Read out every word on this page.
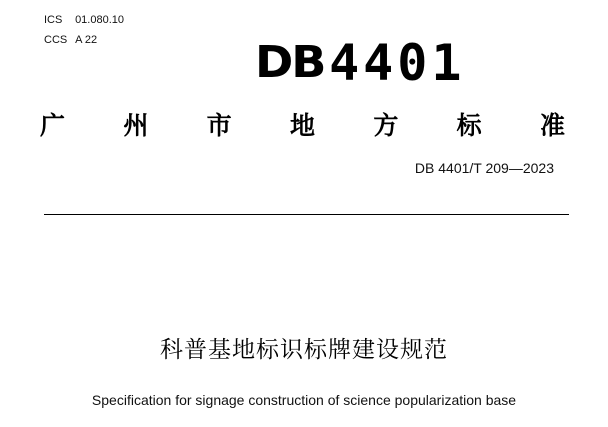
ICS 01.080.10
CCS A 22	DB4401
广 州 市 地 方 标 准
DB 4401/T 209—2023
科普基地标识标牌建设规范
Specification for signage construction of science popularization base
